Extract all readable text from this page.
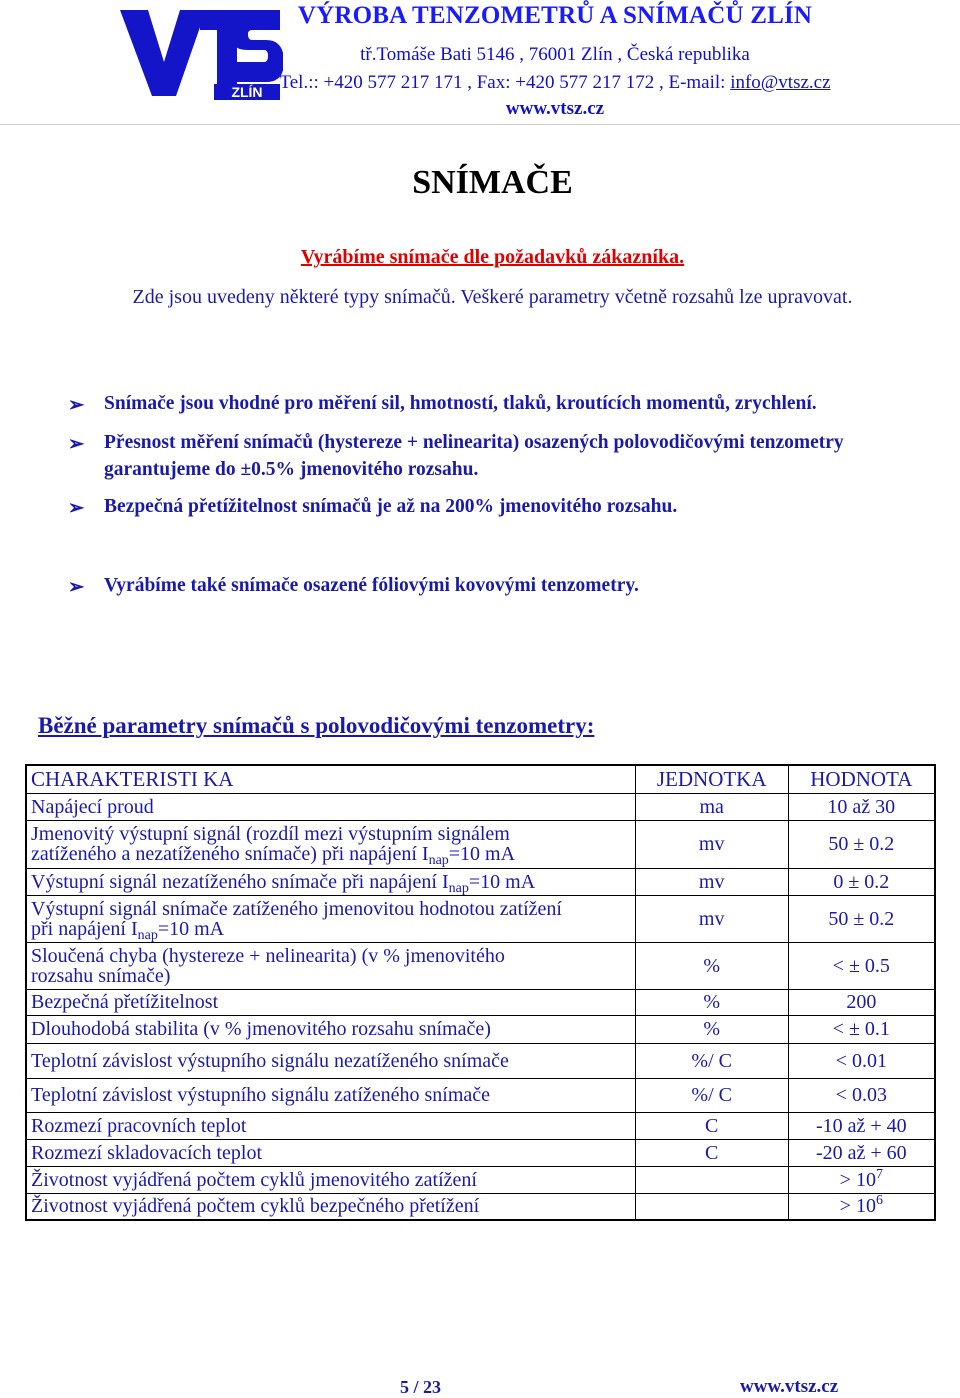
ZLÍN
VÝROBA TENZOMETRŮ A SNÍMAČŮ ZLÍN
tř.Tomáše Bati 5146 , 76001 Zlín , Česká republika
Tel.:: +420 577 217 171 , Fax: +420 577 217 172 , E-mail: info@vtsz.cz
www.vtsz.cz
SNÍMAČE
Vyrábíme snímače dle požadavků zákazníka.
Zde jsou uvedeny některé typy snímačů. Veškeré parametry včetně rozsahů lze upravovat.
➢ Snímače jsou vhodné pro měření sil, hmotností, tlaků, kroutících momentů, zrychlení.
➢ Přesnost měření snímačů (hystereze + nelinearita) osazených polovodičovými tenzometry
garantujeme do ±0.5% jmenovitého rozsahu.
➢ Bezpečná přetížitelnost snímačů je až na 200% jmenovitého rozsahu.
➢ Vyrábíme také snímače osazené fóliovými kovovými tenzometry.
Běžné parametry snímačů s polovodičovými tenzometry:
CHARAKTERISTI KA	JEDNOTKA	HODNOTA
Napájecí proud	ma	10 až 30
Jmenovitý výstupní signál (rozdíl mezi výstupním signálem
zatíženého a nezatíženého snímače) při napájení $I_{nap}=10$ mA	mv	50 ± 0.2
Výstupní signál nezatíženého snímače při napájení $I_{nap}=10$ mA	mv	0 ± 0.2
Výstupní signál snímače zatíženého jmenovitou hodnotou zatížení
při napájení $I_{nap}=10$ mA	mv	50 ± 0.2
Sloučená chyba (hystereze + nelinearita) (v % jmenovitého
rozsahu snímače)	%	< ± 0.5
Bezpečná přetížitelnost	%	200
Dlouhodobá stabilita (v % jmenovitého rozsahu snímače)	%	< ± 0.1
Teplotní závislost výstupního signálu nezatíženého snímače	%/ C	< 0.01
Teplotní závislost výstupního signálu zatíženého snímače	%/ C	< 0.03
Rozmezí pracovních teplot	C	-10 až + 40
Rozmezí skladovacích teplot	C	-20 až + 60
Životnost vyjádřená počtem cyklů jmenovitého zatížení		> $10^7$
Životnost vyjádřená počtem cyklů bezpečného přetížení		> $10^6$
5 / 23	www.vtsz.cz
